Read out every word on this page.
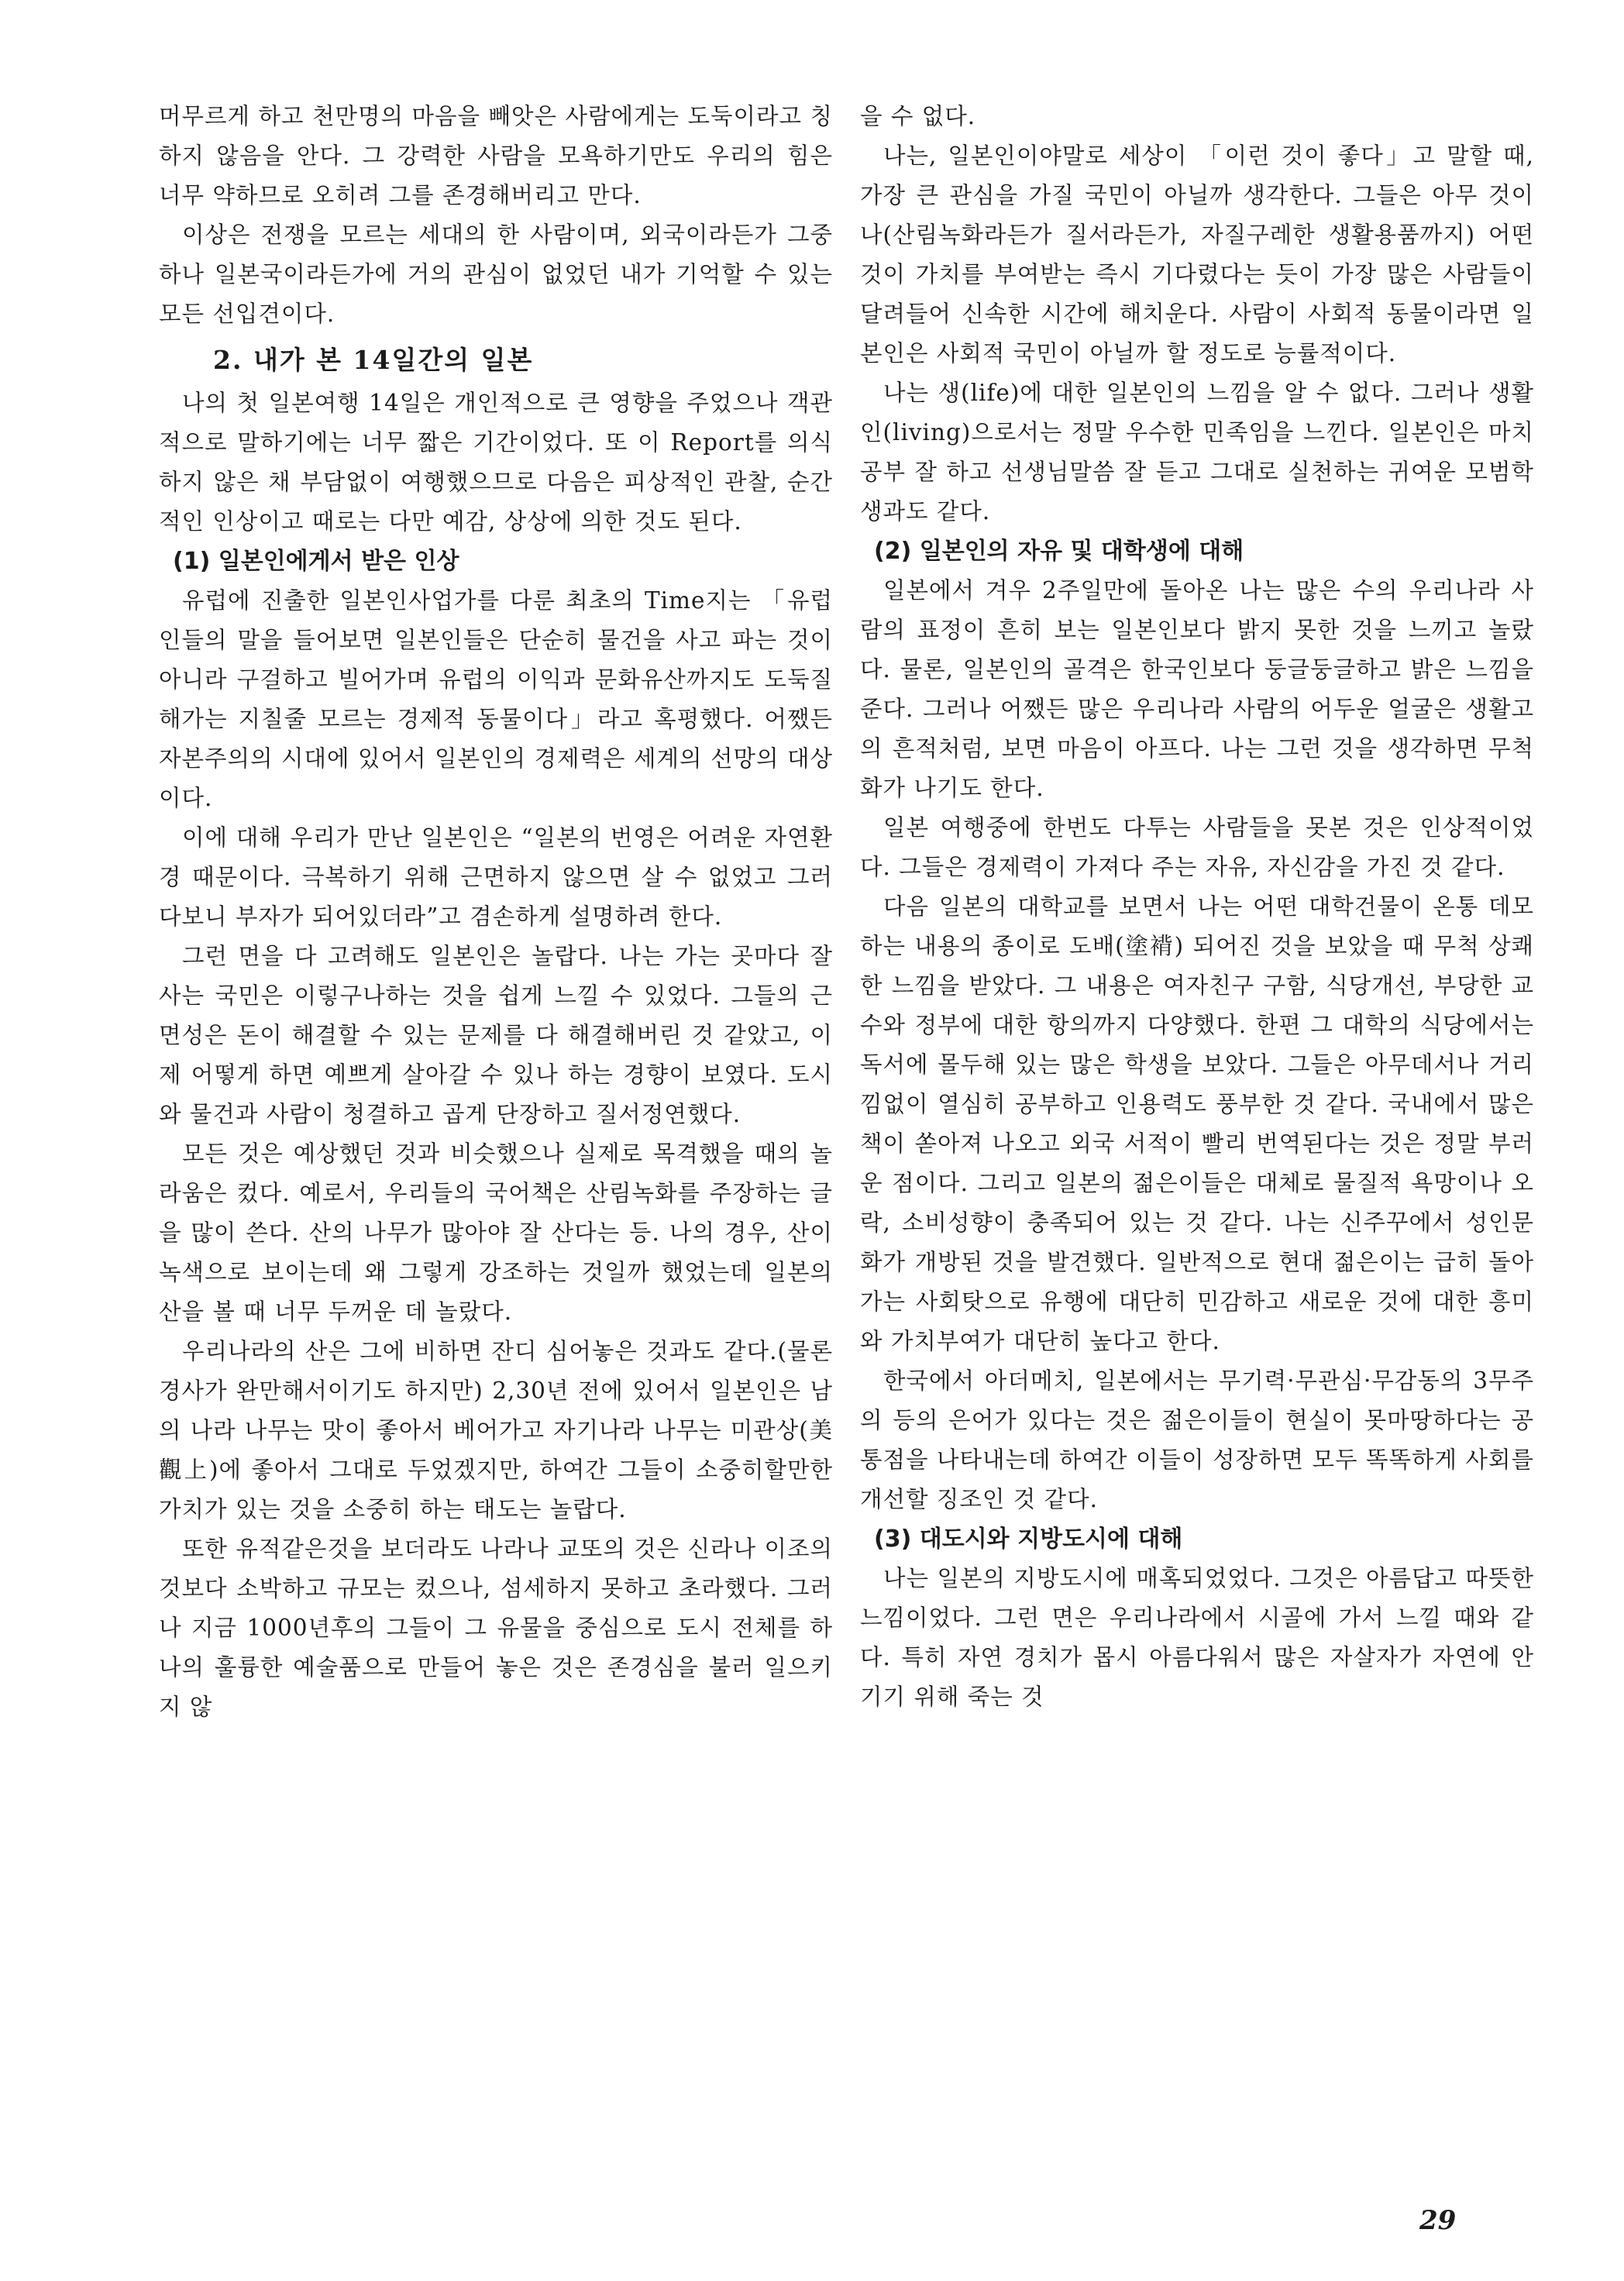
머무르게 하고 천만명의 마음을 빼앗은 사람에게는 도둑이라고 칭하지 않음을 안다. 그 강력한 사람을 모욕하기만도 우리의 힘은 너무 약하므로 오히려 그를 존경해버리고 만다.

이상은 전쟁을 모르는 세대의 한 사람이며, 외국이라든가 그중 하나 일본국이라든가에 거의 관심이 없었던 내가 기억할 수 있는 모든 선입견이다.

2. 내가 본 14일간의 일본

나의 첫 일본여행 14일은 개인적으로 큰 영향을 주었으나 객관적으로 말하기에는 너무 짧은 기간이었다. 또 이 Report를 의식하지 않은 채 부담없이 여행했으므로 다음은 피상적인 관찰, 순간적인 인상이고 때로는 다만 예감, 상상에 의한 것도 된다.

(1) 일본인에게서 받은 인상

유럽에 진출한 일본인사업가를 다룬 최초의 Time지는 「유럽인들의 말을 들어보면 일본인들은 단순히 물건을 사고 파는 것이 아니라 구걸하고 빌어가며 유럽의 이익과 문화유산까지도 도둑질해가는 지칠줄 모르는 경제적 동물이다」라고 혹평했다. 어쨌든 자본주의의 시대에 있어서 일본인의 경제력은 세계의 선망의 대상이다.

이에 대해 우리가 만난 일본인은 “일본의 번영은 어려운 자연환경 때문이다. 극복하기 위해 근면하지 않으면 살 수 없었고 그러다보니 부자가 되어있더라”고 겸손하게 설명하려 한다.

그런 면을 다 고려해도 일본인은 놀랍다. 나는 가는 곳마다 잘 사는 국민은 이렇구나하는 것을 쉽게 느낄 수 있었다. 그들의 근면성은 돈이 해결할 수 있는 문제를 다 해결해버린 것 같았고, 이제 어떻게 하면 예쁘게 살아갈 수 있나 하는 경향이 보였다. 도시와 물건과 사람이 청결하고 곱게 단장하고 질서정연했다.

모든 것은 예상했던 것과 비슷했으나 실제로 목격했을 때의 놀라움은 컸다. 예로서, 우리들의 국어책은 산림녹화를 주장하는 글을 많이 쓴다. 산의 나무가 많아야 잘 산다는 등. 나의 경우, 산이 녹색으로 보이는데 왜 그렇게 강조하는 것일까 했었는데 일본의 산을 볼 때 너무 두꺼운 데 놀랐다.

우리나라의 산은 그에 비하면 잔디 심어놓은 것과도 같다.(물론 경사가 완만해서이기도 하지만) 2,30년 전에 있어서 일본인은 남의 나라 나무는 맛이 좋아서 베어가고 자기나라 나무는 미관상(美觀上)에 좋아서 그대로 두었겠지만, 하여간 그들이 소중히할만한 가치가 있는 것을 소중히 하는 태도는 놀랍다.

또한 유적같은것을 보더라도 나라나 교또의 것은 신라나 이조의 것보다 소박하고 규모는 컸으나, 섬세하지 못하고 초라했다. 그러나 지금 1000년후의 그들이 그 유물을 중심으로 도시 전체를 하나의 훌륭한 예술품으로 만들어 놓은 것은 존경심을 불러 일으키지 않

을 수 없다.

나는, 일본인이야말로 세상이 「이런 것이 좋다」고 말할 때, 가장 큰 관심을 가질 국민이 아닐까 생각한다. 그들은 아무 것이나(산림녹화라든가 질서라든가, 자질구레한 생활용품까지) 어떤 것이 가치를 부여받는 즉시 기다렸다는 듯이 가장 많은 사람들이 달려들어 신속한 시간에 해치운다. 사람이 사회적 동물이라면 일본인은 사회적 국민이 아닐까 할 정도로 능률적이다.

나는 생(life)에 대한 일본인의 느낌을 알 수 없다. 그러나 생활인(living)으로서는 정말 우수한 민족임을 느낀다. 일본인은 마치 공부 잘 하고 선생님말씀 잘 듣고 그대로 실천하는 귀여운 모범학생과도 같다.

(2) 일본인의 자유 및 대학생에 대해

일본에서 겨우 2주일만에 돌아온 나는 많은 수의 우리나라 사람의 표정이 흔히 보는 일본인보다 밝지 못한 것을 느끼고 놀랐다. 물론, 일본인의 골격은 한국인보다 둥글둥글하고 밝은 느낌을 준다. 그러나 어쨌든 많은 우리나라 사람의 어두운 얼굴은 생활고의 흔적처럼, 보면 마음이 아프다. 나는 그런 것을 생각하면 무척 화가 나기도 한다.

일본 여행중에 한번도 다투는 사람들을 못본 것은 인상적이었다. 그들은 경제력이 가져다 주는 자유, 자신감을 가진 것 같다.

다음 일본의 대학교를 보면서 나는 어떤 대학건물이 온통 데모하는 내용의 종이로 도배(塗褙) 되어진 것을 보았을 때 무척 상쾌한 느낌을 받았다. 그 내용은 여자친구 구함, 식당개선, 부당한 교수와 정부에 대한 항의까지 다양했다. 한편 그 대학의 식당에서는 독서에 몰두해 있는 많은 학생을 보았다. 그들은 아무데서나 거리낌없이 열심히 공부하고 인용력도 풍부한 것 같다. 국내에서 많은 책이 쏟아져 나오고 외국 서적이 빨리 번역된다는 것은 정말 부러운 점이다. 그리고 일본의 젊은이들은 대체로 물질적 욕망이나 오락, 소비성향이 충족되어 있는 것 같다. 나는 신주꾸에서 성인문화가 개방된 것을 발견했다. 일반적으로 현대 젊은이는 급히 돌아가는 사회탓으로 유행에 대단히 민감하고 새로운 것에 대한 흥미와 가치부여가 대단히 높다고 한다.

한국에서 아더메치, 일본에서는 무기력·무관심·무감동의 3무주의 등의 은어가 있다는 것은 젊은이들이 현실이 못마땅하다는 공통점을 나타내는데 하여간 이들이 성장하면 모두 똑똑하게 사회를 개선할 징조인 것 같다.

(3) 대도시와 지방도시에 대해

나는 일본의 지방도시에 매혹되었었다. 그것은 아름답고 따뜻한 느낌이었다. 그런 면은 우리나라에서 시골에 가서 느낄 때와 같다. 특히 자연 경치가 몹시 아름다워서 많은 자살자가 자연에 안기기 위해 죽는 것

29
